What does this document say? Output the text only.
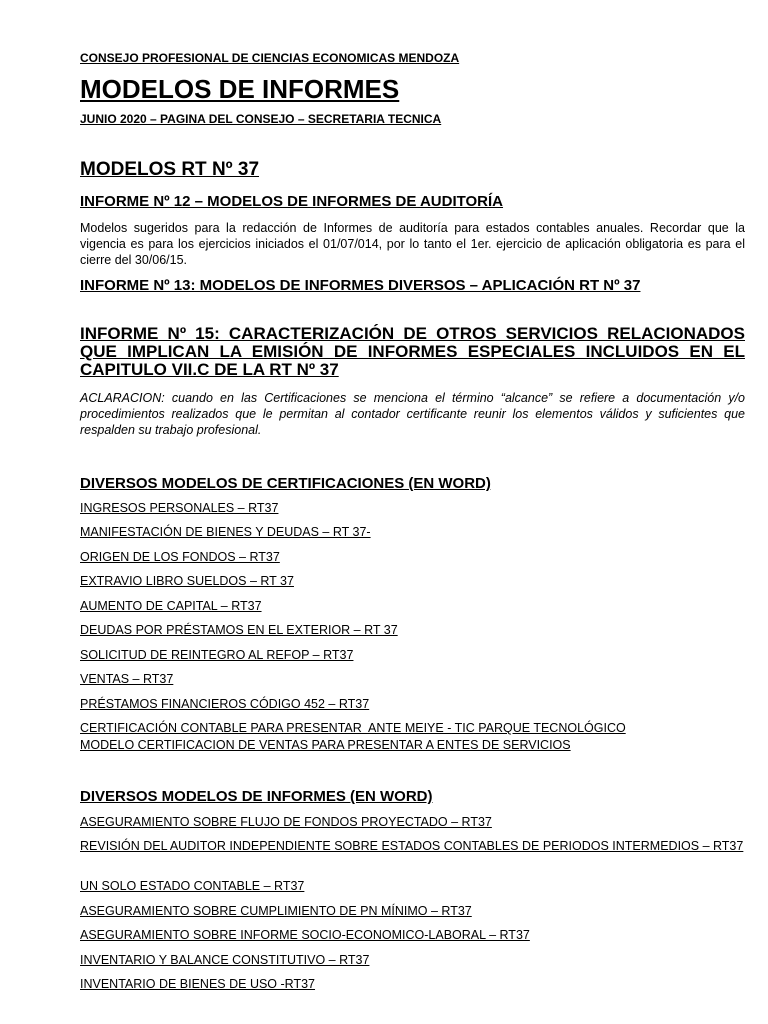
CONSEJO PROFESIONAL DE CIENCIAS ECONOMICAS MENDOZA

MODELOS DE INFORMES

JUNIO 2020 – PAGINA DEL CONSEJO – SECRETARIA TECNICA

MODELOS RT Nº 37
INFORME Nº 12 – MODELOS DE INFORMES DE AUDITORÍA

Modelos sugeridos para la redacción de Informes de auditoría para estados contables anuales. Recordar que la vigencia es para los ejercicios iniciados el 01/07/014, por lo tanto el 1er. ejercicio de aplicación obligatoria es para el cierre del 30/06/15.

INFORME Nº 13: MODELOS DE INFORMES DIVERSOS – APLICACIÓN RT Nº 37
INFORME Nº 15: CARACTERIZACIÓN DE OTROS SERVICIOS RELACIONADOS QUE IMPLICAN LA EMISIÓN DE INFORMES ESPECIALES INCLUIDOS EN EL CAPITULO VII.C DE LA RT Nº 37

ACLARACION: cuando en las Certificaciones se menciona el término “alcance” se refiere a documentación y/o procedimientos realizados que le permitan al contador certificante reunir los elementos válidos y suficientes que respalden su trabajo profesional.

DIVERSOS MODELOS DE CERTIFICACIONES (EN WORD)
INGRESOS PERSONALES – RT37
MANIFESTACIÓN DE BIENES Y DEUDAS – RT 37-
ORIGEN DE LOS FONDOS – RT37
EXTRAVIO LIBRO SUELDOS – RT 37
AUMENTO DE CAPITAL – RT37
DEUDAS POR PRÉSTAMOS EN EL EXTERIOR – RT 37
SOLICITUD DE REINTEGRO AL REFOP – RT37
VENTAS – RT37
PRÉSTAMOS FINANCIEROS CÓDIGO 452 – RT37
CERTIFICACIÓN CONTABLE PARA PRESENTAR  ANTE MEIYE - TIC PARQUE TECNOLÓGICO
MODELO CERTIFICACION DE VENTAS PARA PRESENTAR A ENTES DE SERVICIOS
DIVERSOS MODELOS DE INFORMES (EN WORD)
ASEGURAMIENTO SOBRE FLUJO DE FONDOS PROYECTADO – RT37
REVISIÓN DEL AUDITOR INDEPENDIENTE SOBRE ESTADOS CONTABLES DE PERIODOS INTERMEDIOS – RT37
UN SOLO ESTADO CONTABLE – RT37
ASEGURAMIENTO SOBRE CUMPLIMIENTO DE PN MÍNIMO – RT37
ASEGURAMIENTO SOBRE INFORME SOCIO-ECONOMICO-LABORAL – RT37
INVENTARIO Y BALANCE CONSTITUTIVO – RT37
INVENTARIO DE BIENES DE USO -RT37
